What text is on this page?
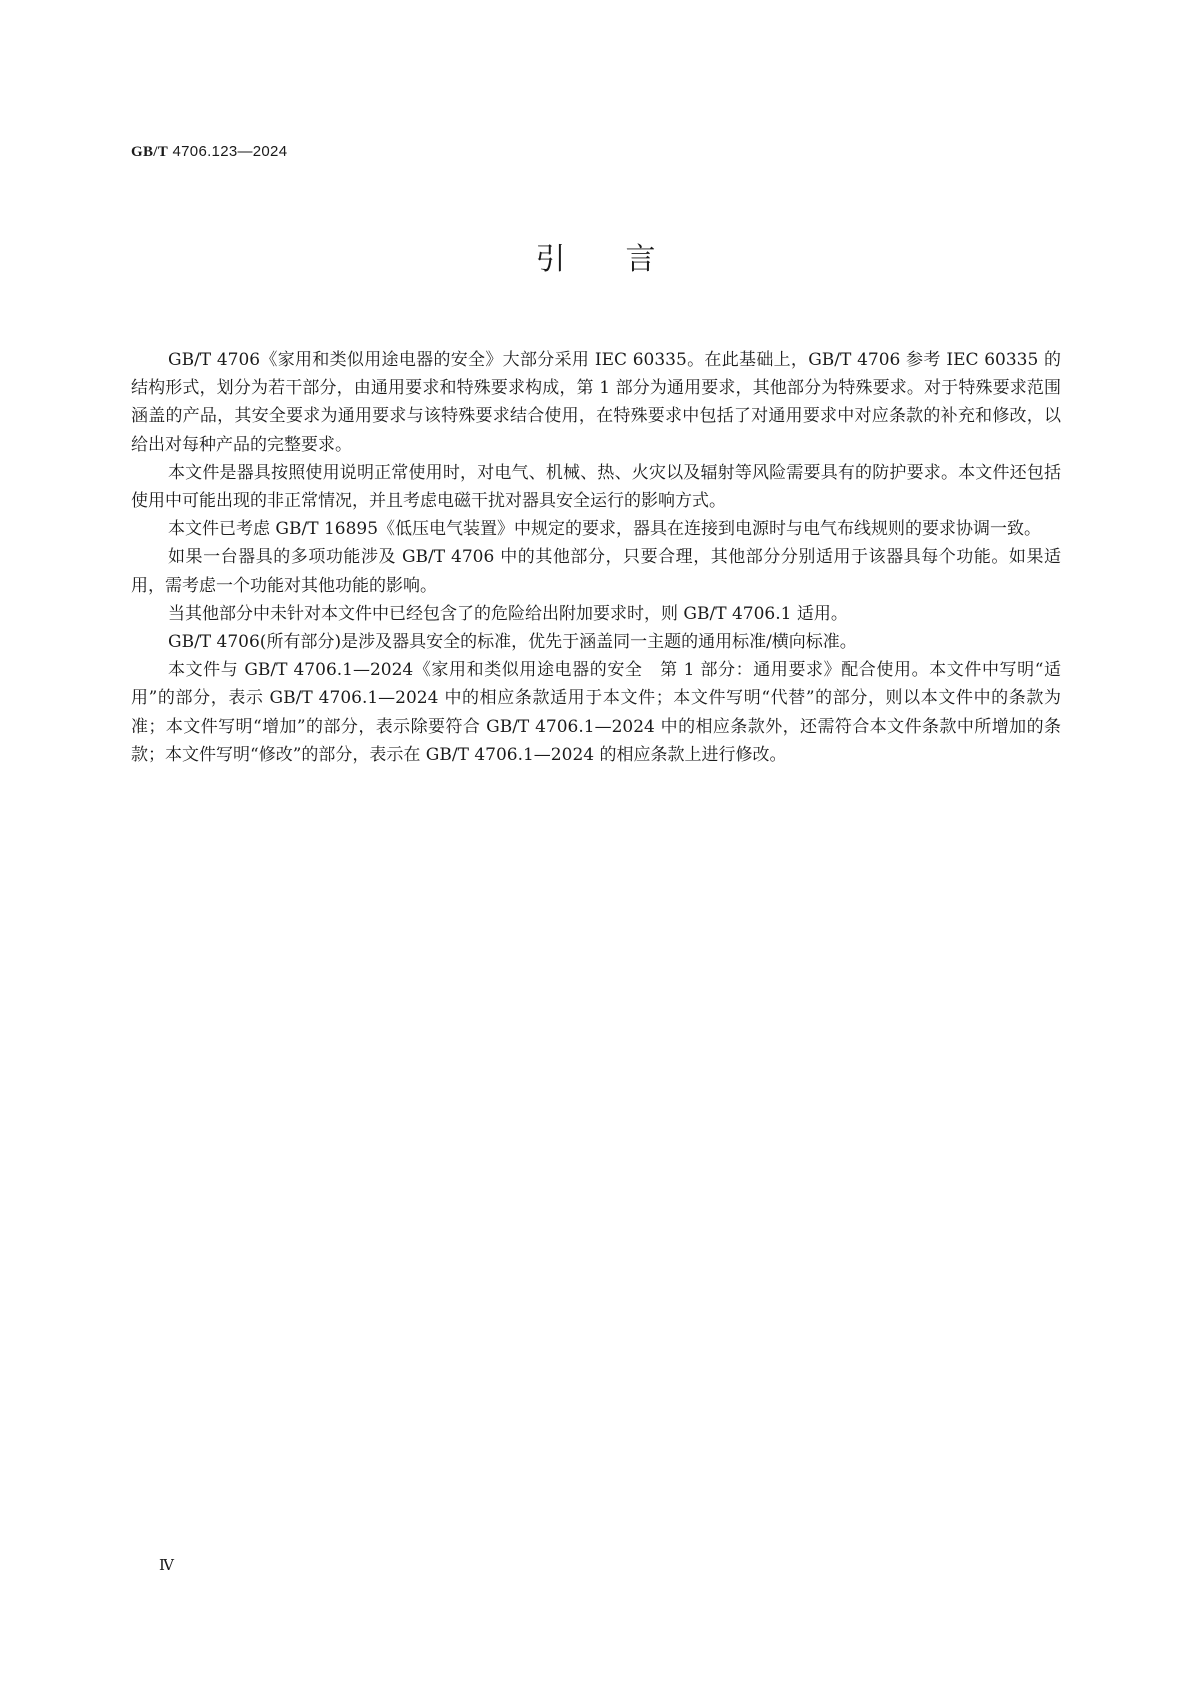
GB/T 4706.123—2024
引言

GB/T 4706《家用和类似用途电器的安全》大部分采用 IEC 60335。在此基础上，GB/T 4706 参考 IEC 60335 的结构形式，划分为若干部分，由通用要求和特殊要求构成，第 1 部分为通用要求，其他部分为特殊要求。对于特殊要求范围涵盖的产品，其安全要求为通用要求与该特殊要求结合使用，在特殊要求中包括了对通用要求中对应条款的补充和修改，以给出对每种产品的完整要求。

本文件是器具按照使用说明正常使用时，对电气、机械、热、火灾以及辐射等风险需要具有的防护要求。本文件还包括使用中可能出现的非正常情况，并且考虑电磁干扰对器具安全运行的影响方式。

本文件已考虑 GB/T 16895《低压电气装置》中规定的要求，器具在连接到电源时与电气布线规则的要求协调一致。

如果一台器具的多项功能涉及 GB/T 4706 中的其他部分，只要合理，其他部分分别适用于该器具每个功能。如果适用，需考虑一个功能对其他功能的影响。

当其他部分中未针对本文件中已经包含了的危险给出附加要求时，则 GB/T 4706.1 适用。

GB/T 4706(所有部分)是涉及器具安全的标准，优先于涵盖同一主题的通用标准/横向标准。

本文件与 GB/T 4706.1—2024《家用和类似用途电器的安全　第 1 部分：通用要求》配合使用。本文件中写明“适用”的部分，表示 GB/T 4706.1—2024 中的相应条款适用于本文件；本文件写明“代替”的部分，则以本文件中的条款为准；本文件写明“增加”的部分，表示除要符合 GB/T 4706.1—2024 中的相应条款外，还需符合本文件条款中所增加的条款；本文件写明“修改”的部分，表示在 GB/T 4706.1—2024 的相应条款上进行修改。

Ⅳ
